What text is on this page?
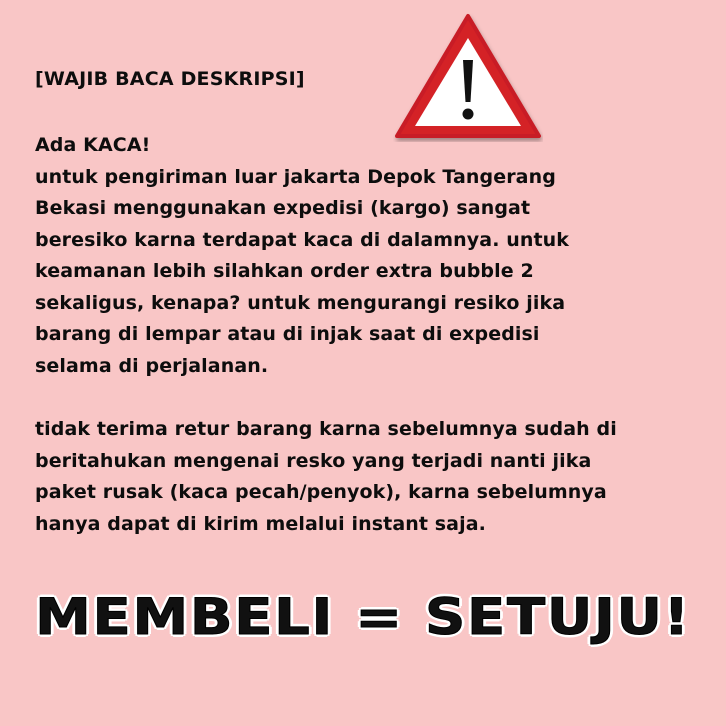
[WAJIB BACA DESKRIPSI]
Ada KACA!
untuk pengiriman luar jakarta Depok Tangerang
Bekasi menggunakan expedisi (kargo) sangat
beresiko karna terdapat kaca di dalamnya. untuk
keamanan lebih silahkan order extra bubble 2
sekaligus, kenapa? untuk mengurangi resiko jika
barang di lempar atau di injak saat di expedisi
selama di perjalanan.
tidak terima retur barang karna sebelumnya sudah di
beritahukan mengenai resko yang terjadi nanti jika
paket rusak (kaca pecah/penyok), karna sebelumnya
hanya dapat di kirim melalui instant saja.
MEMBELI = SETUJU!
